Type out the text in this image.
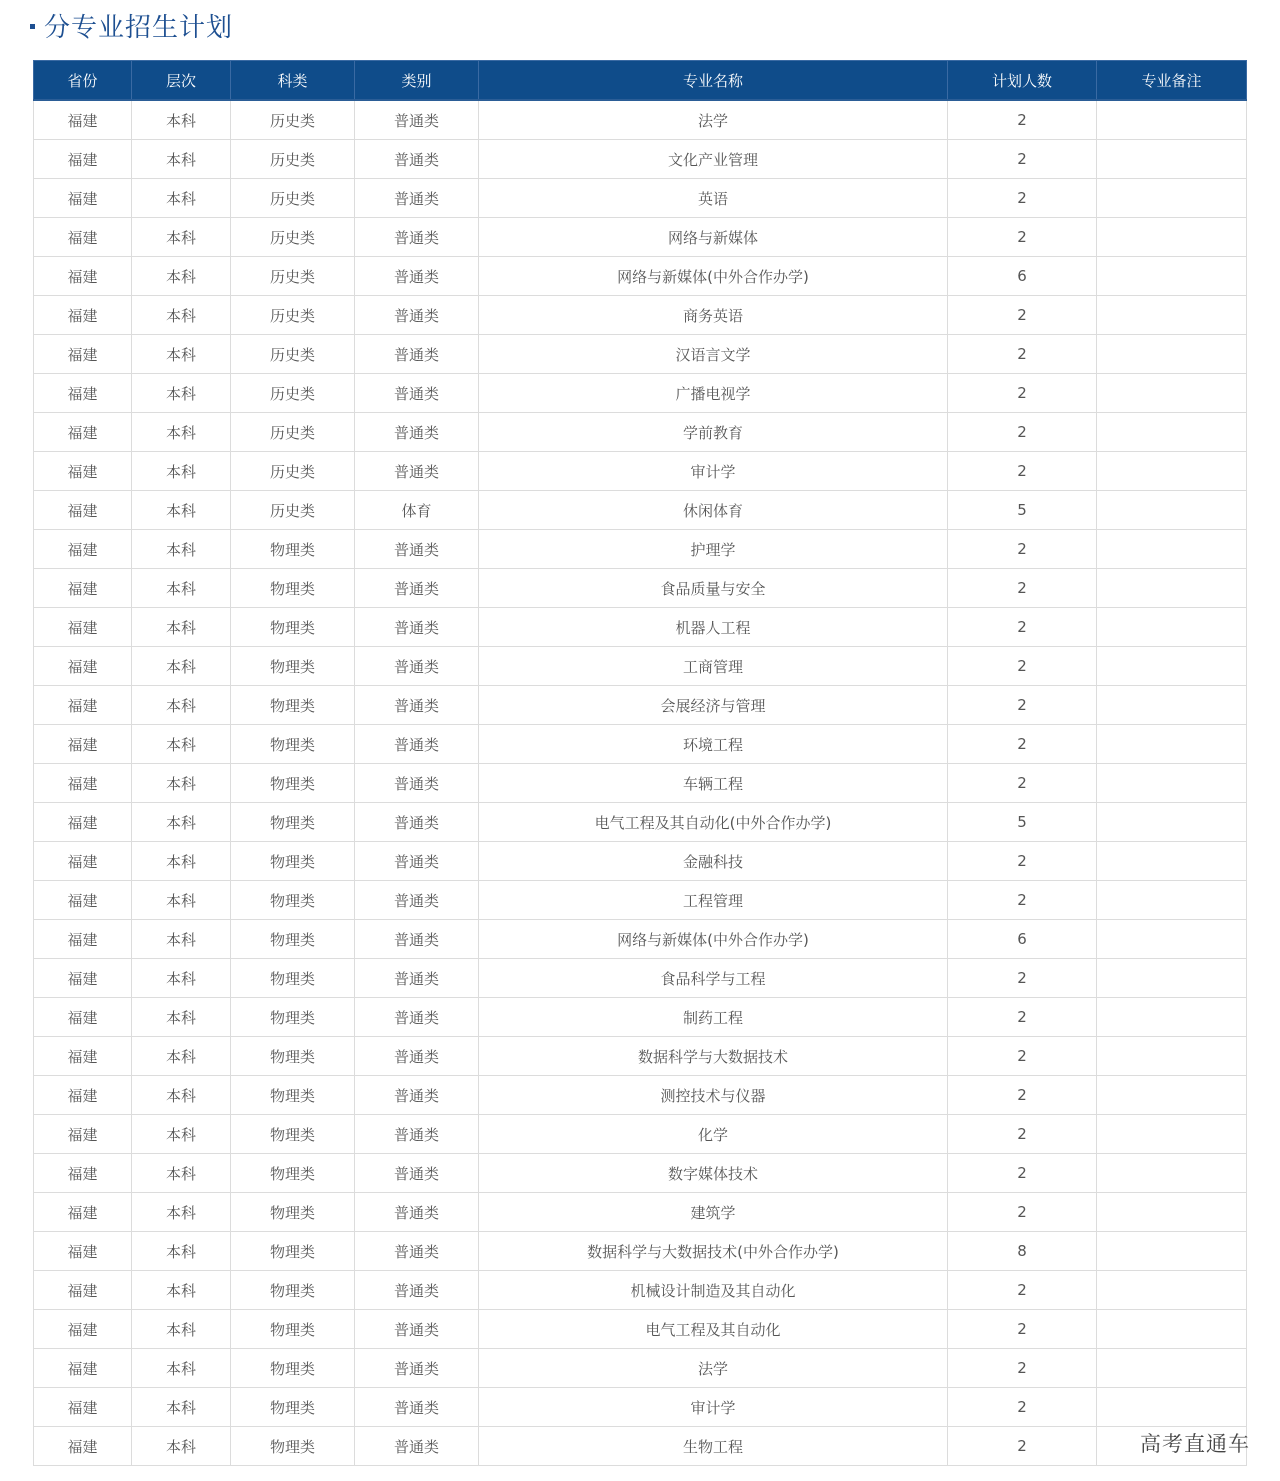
分专业招生计划
省份	层次	科类	类别	专业名称	计划人数	专业备注
福建	本科	历史类	普通类	法学	2	
福建	本科	历史类	普通类	文化产业管理	2	
福建	本科	历史类	普通类	英语	2	
福建	本科	历史类	普通类	网络与新媒体	2	
福建	本科	历史类	普通类	网络与新媒体(中外合作办学)	6	
福建	本科	历史类	普通类	商务英语	2	
福建	本科	历史类	普通类	汉语言文学	2	
福建	本科	历史类	普通类	广播电视学	2	
福建	本科	历史类	普通类	学前教育	2	
福建	本科	历史类	普通类	审计学	2	
福建	本科	历史类	体育	休闲体育	5	
福建	本科	物理类	普通类	护理学	2	
福建	本科	物理类	普通类	食品质量与安全	2	
福建	本科	物理类	普通类	机器人工程	2	
福建	本科	物理类	普通类	工商管理	2	
福建	本科	物理类	普通类	会展经济与管理	2	
福建	本科	物理类	普通类	环境工程	2	
福建	本科	物理类	普通类	车辆工程	2	
福建	本科	物理类	普通类	电气工程及其自动化(中外合作办学)	5	
福建	本科	物理类	普通类	金融科技	2	
福建	本科	物理类	普通类	工程管理	2	
福建	本科	物理类	普通类	网络与新媒体(中外合作办学)	6	
福建	本科	物理类	普通类	食品科学与工程	2	
福建	本科	物理类	普通类	制药工程	2	
福建	本科	物理类	普通类	数据科学与大数据技术	2	
福建	本科	物理类	普通类	测控技术与仪器	2	
福建	本科	物理类	普通类	化学	2	
福建	本科	物理类	普通类	数字媒体技术	2	
福建	本科	物理类	普通类	建筑学	2	
福建	本科	物理类	普通类	数据科学与大数据技术(中外合作办学)	8	
福建	本科	物理类	普通类	机械设计制造及其自动化	2	
福建	本科	物理类	普通类	电气工程及其自动化	2	
福建	本科	物理类	普通类	法学	2	
福建	本科	物理类	普通类	审计学	2	
福建	本科	物理类	普通类	生物工程	2		高考直通车
